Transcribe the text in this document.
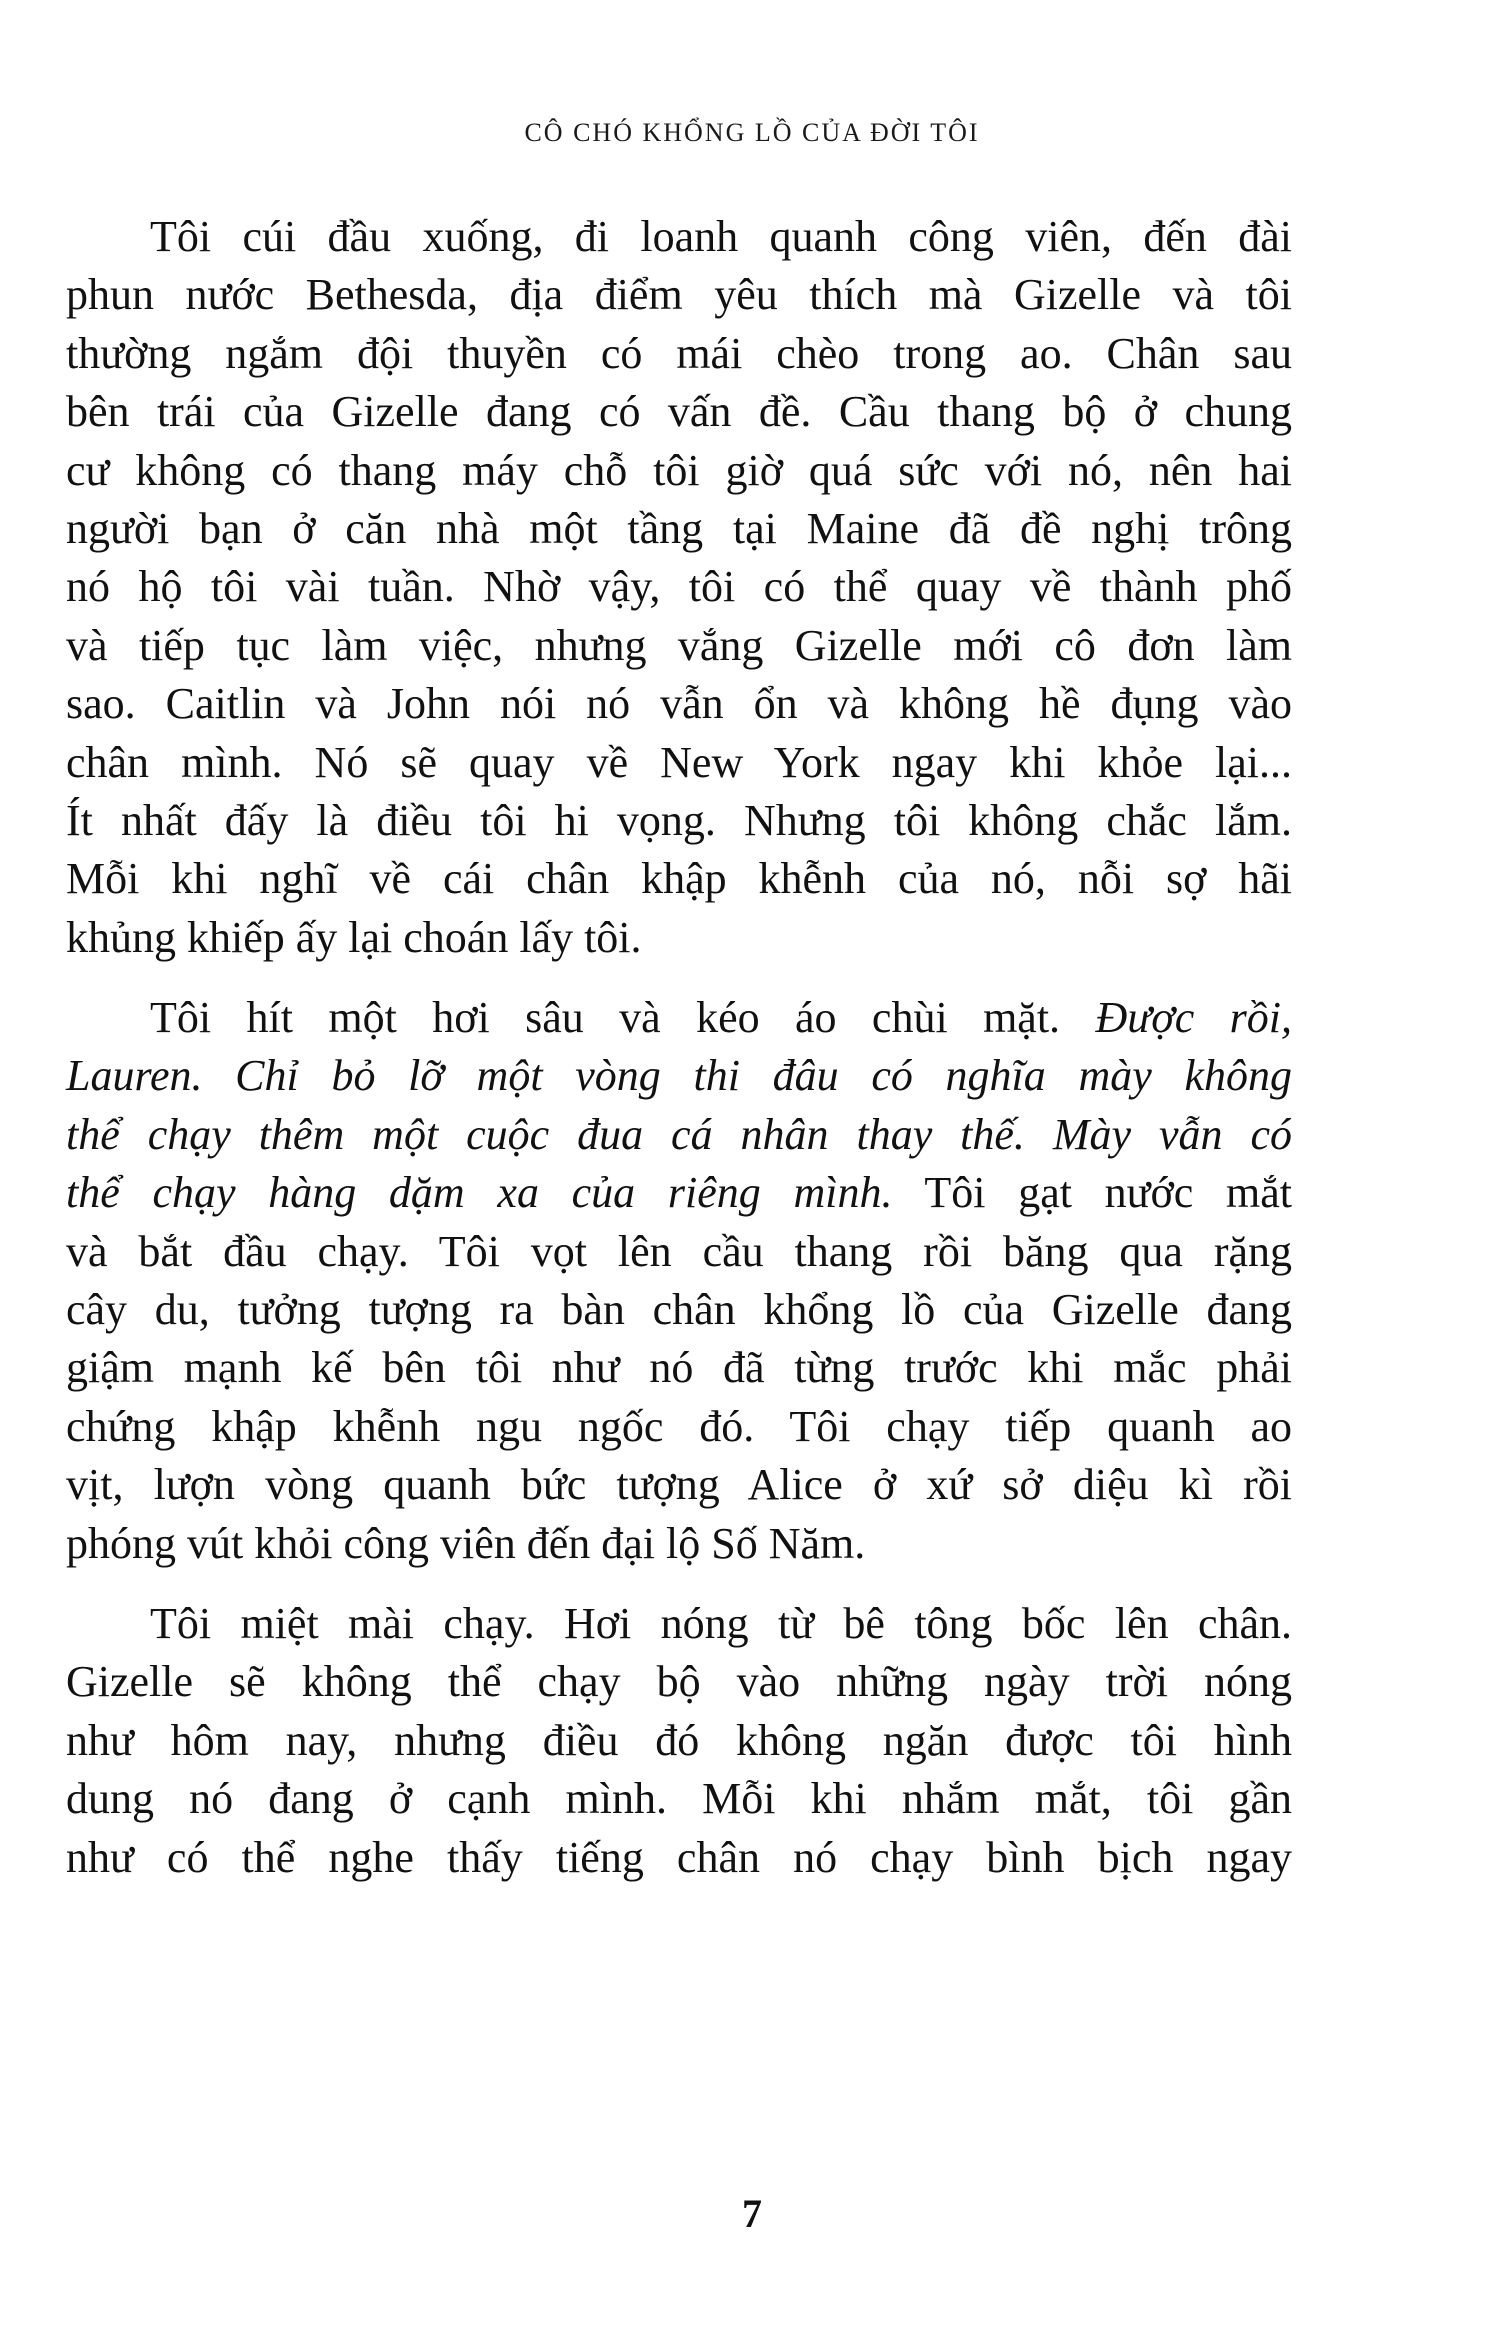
CÔ CHÓ KHỔNG LỒ CỦA ĐỜI TÔI
Tôi cúi đầu xuống, đi loanh quanh công viên, đến đài
phun nước Bethesda, địa điểm yêu thích mà Gizelle và tôi
thường ngắm đội thuyền có mái chèo trong ao. Chân sau
bên trái của Gizelle đang có vấn đề. Cầu thang bộ ở chung
cư không có thang máy chỗ tôi giờ quá sức với nó, nên hai
người bạn ở căn nhà một tầng tại Maine đã đề nghị trông
nó hộ tôi vài tuần. Nhờ vậy, tôi có thể quay về thành phố
và tiếp tục làm việc, nhưng vắng Gizelle mới cô đơn làm
sao. Caitlin và John nói nó vẫn ổn và không hề đụng vào
chân mình. Nó sẽ quay về New York ngay khi khỏe lại...
Ít nhất đấy là điều tôi hi vọng. Nhưng tôi không chắc lắm.
Mỗi khi nghĩ về cái chân khập khễnh của nó, nỗi sợ hãi
khủng khiếp ấy lại choán lấy tôi.
Tôi hít một hơi sâu và kéo áo chùi mặt. Được rồi,
Lauren. Chỉ bỏ lỡ một vòng thi đâu có nghĩa mày không
thể chạy thêm một cuộc đua cá nhân thay thế. Mày vẫn có
thể chạy hàng dặm xa của riêng mình. Tôi gạt nước mắt
và bắt đầu chạy. Tôi vọt lên cầu thang rồi băng qua rặng
cây du, tưởng tượng ra bàn chân khổng lồ của Gizelle đang
giậm mạnh kế bên tôi như nó đã từng trước khi mắc phải
chứng khập khễnh ngu ngốc đó. Tôi chạy tiếp quanh ao
vịt, lượn vòng quanh bức tượng Alice ở xứ sở diệu kì rồi
phóng vút khỏi công viên đến đại lộ Số Năm.
Tôi miệt mài chạy. Hơi nóng từ bê tông bốc lên chân.
Gizelle sẽ không thể chạy bộ vào những ngày trời nóng
như hôm nay, nhưng điều đó không ngăn được tôi hình
dung nó đang ở cạnh mình. Mỗi khi nhắm mắt, tôi gần
như có thể nghe thấy tiếng chân nó chạy bình bịch ngay
7
